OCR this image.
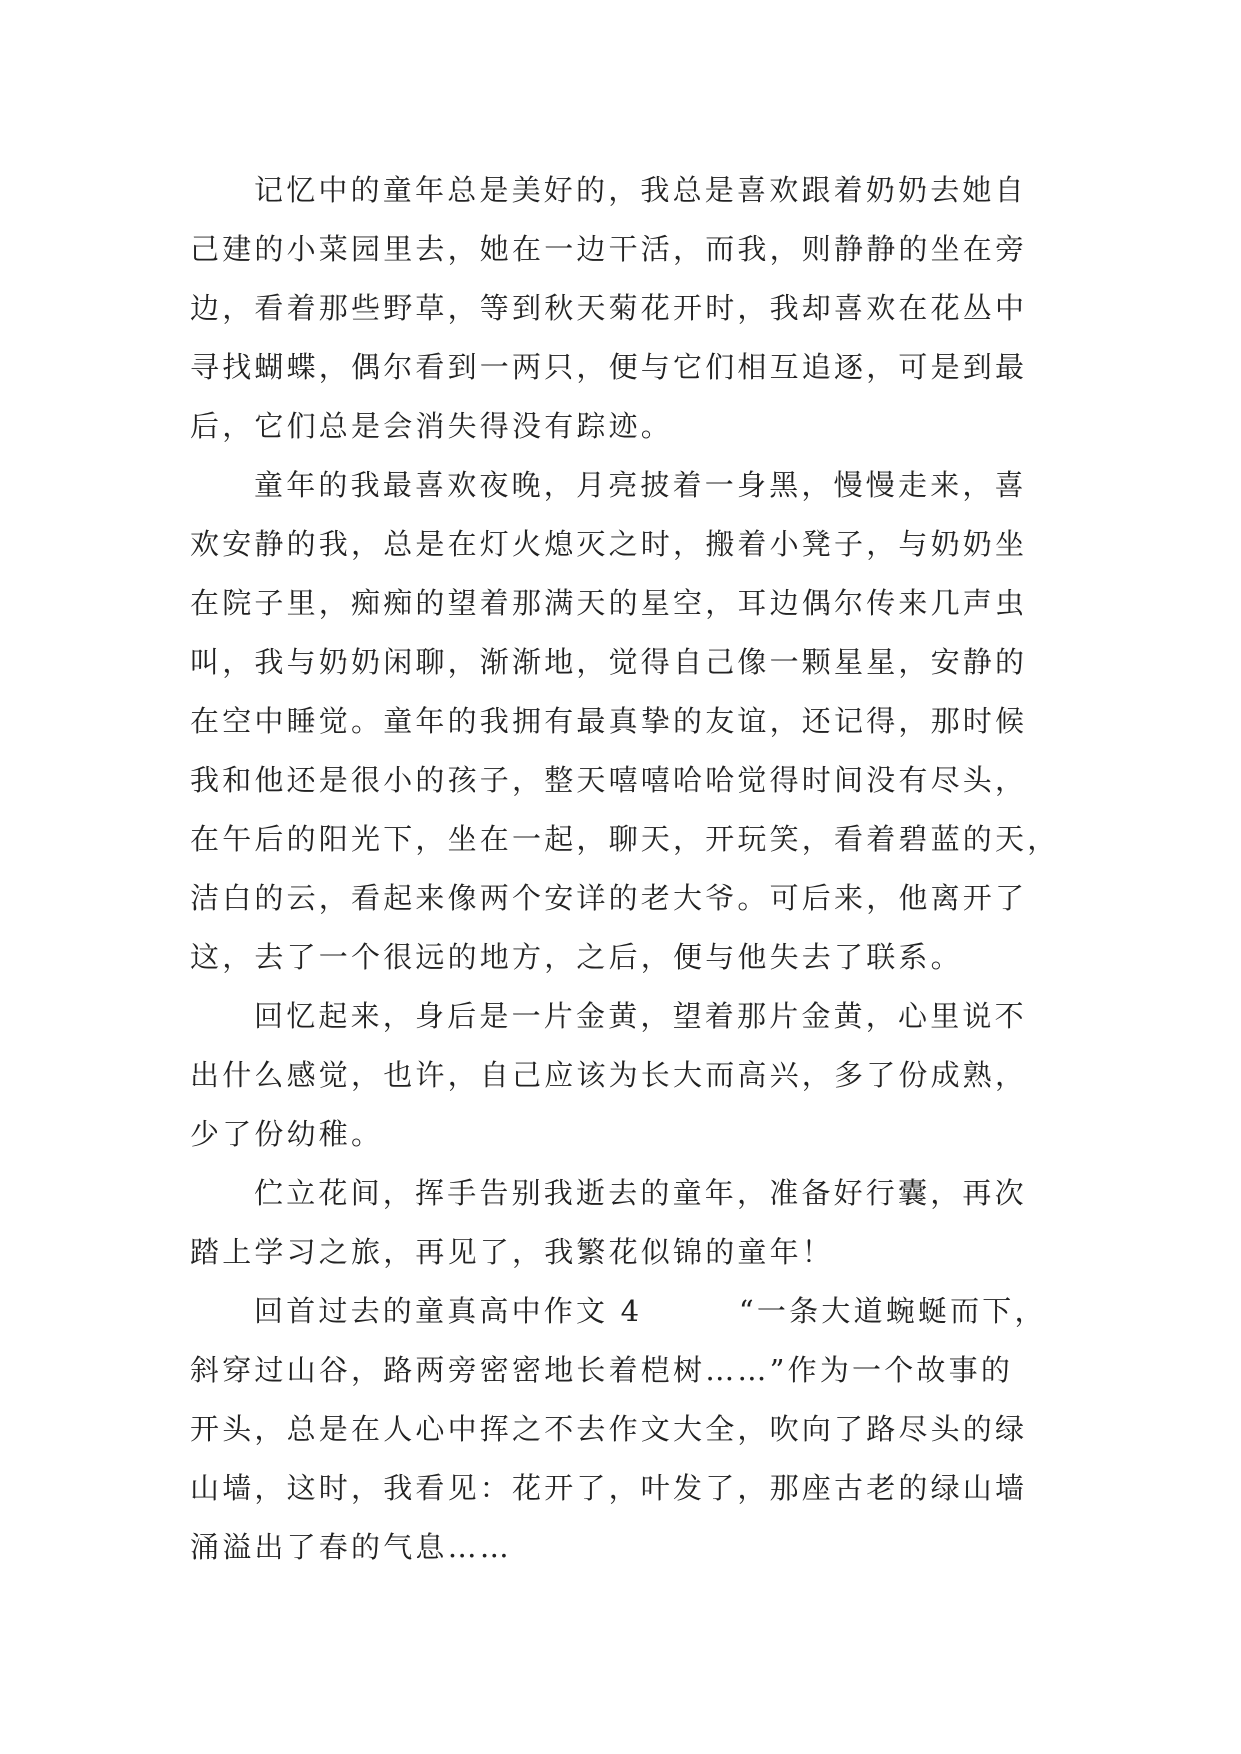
记忆中的童年总是美好的，我总是喜欢跟着奶奶去她自
己建的小菜园里去，她在一边干活，而我，则静静的坐在旁
边，看着那些野草，等到秋天菊花开时，我却喜欢在花丛中
寻找蝴蝶，偶尔看到一两只，便与它们相互追逐，可是到最
后，它们总是会消失得没有踪迹。
童年的我最喜欢夜晚，月亮披着一身黑，慢慢走来，喜
欢安静的我，总是在灯火熄灭之时，搬着小凳子，与奶奶坐
在院子里，痴痴的望着那满天的星空，耳边偶尔传来几声虫
叫，我与奶奶闲聊，渐渐地，觉得自己像一颗星星，安静的
在空中睡觉。童年的我拥有最真挚的友谊，还记得，那时候
我和他还是很小的孩子，整天嘻嘻哈哈觉得时间没有尽头，
在午后的阳光下，坐在一起，聊天，开玩笑，看着碧蓝的天，
洁白的云，看起来像两个安详的老大爷。可后来，他离开了
这，去了一个很远的地方，之后，便与他失去了联系。
回忆起来，身后是一片金黄，望着那片金黄，心里说不
出什么感觉，也许，自己应该为长大而高兴，多了份成熟，
少了份幼稚。
伫立花间，挥手告别我逝去的童年，准备好行囊，再次
踏上学习之旅，再见了，我繁花似锦的童年！
回首过去的童真高中作文 4　　　“一条大道蜿蜒而下，
斜穿过山谷，路两旁密密地长着桤树……”作为一个故事的
开头，总是在人心中挥之不去作文大全，吹向了路尽头的绿
山墙，这时，我看见：花开了，叶发了，那座古老的绿山墙
涌溢出了春的气息……
